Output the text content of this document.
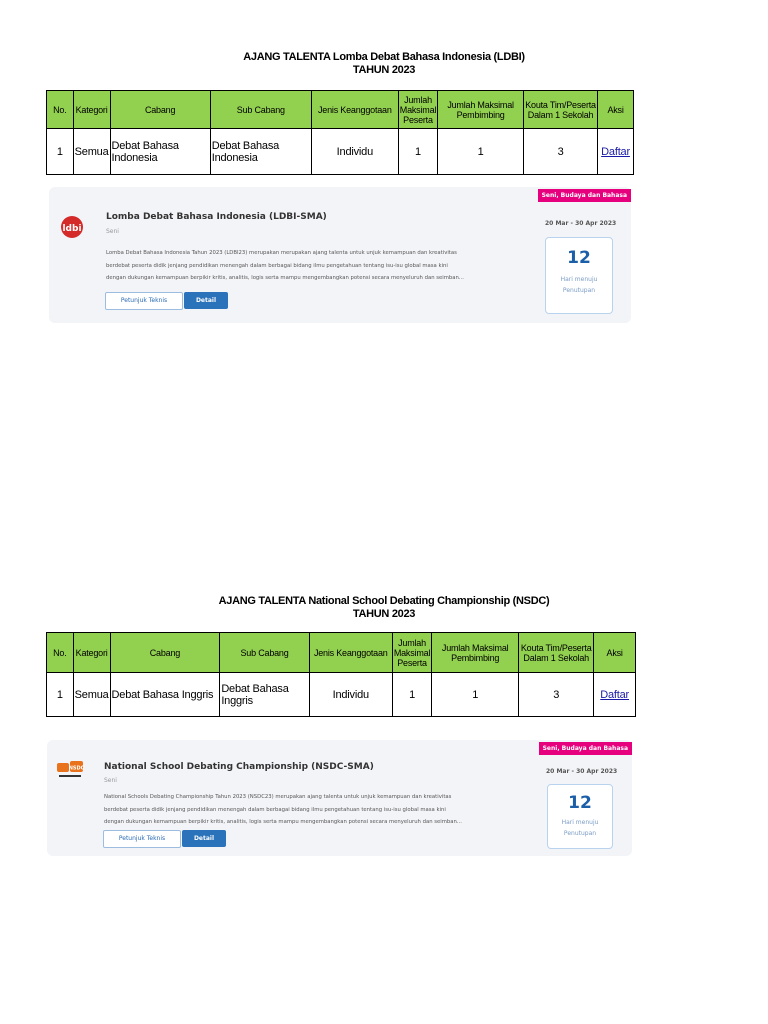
AJANG TALENTA Lomba Debat Bahasa Indonesia (LDBI)
TAHUN 2023
No.	Kategori	Cabang	Sub Cabang	Jenis Keanggotaan	Jumlah Maksimal Peserta	Jumlah Maksimal Pembimbing	Kouta Tim/Peserta Dalam 1 Sekolah	Aksi
1	Semua	Debat Bahasa Indonesia	Debat Bahasa Indonesia	Individu	1	1	3	Daftar
ldbi
Lomba Debat Bahasa Indonesia (LDBI-SMA)
Seni
Lomba Debat Bahasa Indonesia Tahun 2023 (LDBI23) merupakan merupakan ajang talenta untuk unjuk kemampuan dan kreativitas
berdebat peserta didik jenjang pendidikan menengah dalam berbagai bidang ilmu pengetahuan tentang isu-isu global masa kini
dengan dukungan kemampuan berpikir kritis, analitis, logis serta mampu mengembangkan potensi secara menyeluruh dan seimban...
Petunjuk Teknis	Detail
Seni, Budaya dan Bahasa
20 Mar - 30 Apr 2023
12
Hari menuju
Penutupan
AJANG TALENTA National School Debating Championship (NSDC)
TAHUN 2023
No.	Kategori	Cabang	Sub Cabang	Jenis Keanggotaan	Jumlah Maksimal Peserta	Jumlah Maksimal Pembimbing	Kouta Tim/Peserta Dalam 1 Sekolah	Aksi
1	Semua	Debat Bahasa Inggris	Debat Bahasa Inggris	Individu	1	1	3	Daftar
NSDC National School Debating Championship (NSDC-SMA)
Seni
National Schools Debating Championship Tahun 2023 (NSDC23) merupakan ajang talenta untuk unjuk kemampuan dan kreativitas
berdebat peserta didik jenjang pendidikan menengah dalam berbagai bidang ilmu pengetahuan tentang isu-isu global masa kini
dengan dukungan kemampuan berpikir kritis, analitis, logis serta mampu mengembangkan potensi secara menyeluruh dan seimban...
Petunjuk Teknis	Detail
Seni, Budaya dan Bahasa
20 Mar - 30 Apr 2023
12
Hari menuju
Penutupan
